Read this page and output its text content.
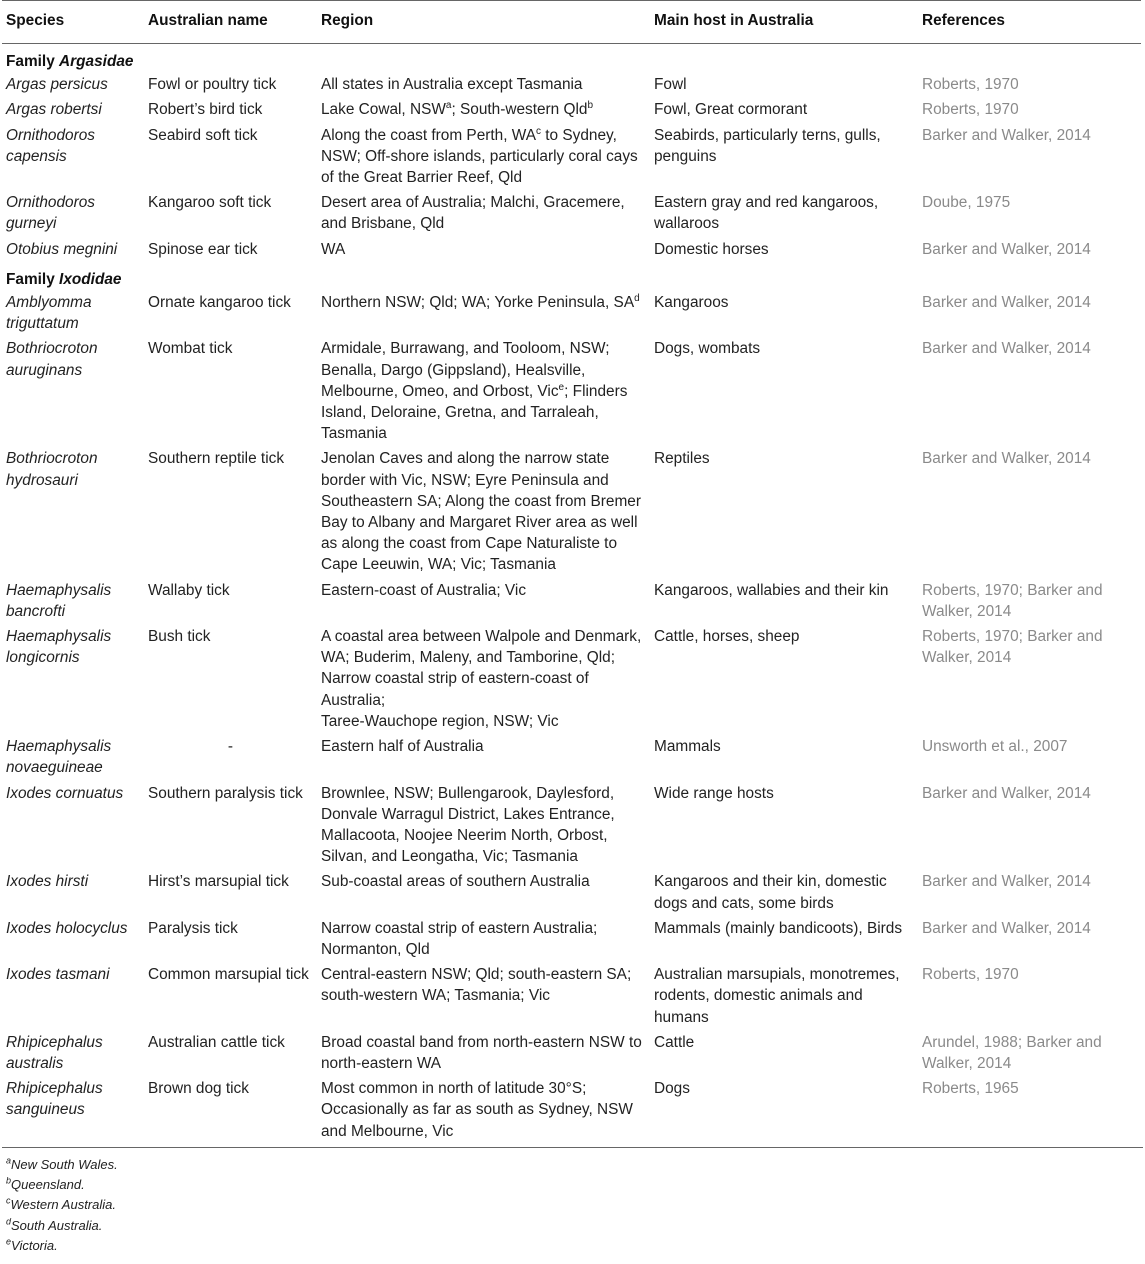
Species	Australian name	Region	Main host in Australia	References
Family Argasidae				
Argas persicus	Fowl or poultry tick	All states in Australia except Tasmania	Fowl	Roberts, 1970
Argas robertsi	Robert’s bird tick	Lake Cowal, NSW$^a$; South-western Qld$^b$	Fowl, Great cormorant	Roberts, 1970
Ornithodoros capensis	Seabird soft tick	Along the coast from Perth, $WA^c$ to Sydney, NSW; Off-shore islands, particularly coral cays of the Great Barrier Reef, Qld	Seabirds, particularly terns, gulls, penguins	Barker and Walker, 2014
Ornithodoros gurneyi	Kangaroo soft tick	Desert area of Australia; Malchi, Gracemere, and Brisbane, Qld	Eastern gray and red kangaroos, wallaroos	Doube, 1975
Otobius megnini	Spinose ear tick	WA	Domestic horses	Barker and Walker, 2014
Family Ixodidae				
Amblyomma triguttatum	Ornate kangaroo tick	Northern NSW; Qld; WA; Yorke Peninsula, $SA^d$	Kangaroos	Barker and Walker, 2014
Bothriocroton auruginans	Wombat tick	Armidale, Burrawang, and Tooloom, NSW; Benalla, Dargo (Gippsland), Healsville, Melbourne, Omeo, and Orbost, Vic$^e$; Flinders Island, Deloraine, Gretna, and Tarraleah, Tasmania	Dogs, wombats	Barker and Walker, 2014
Bothriocroton hydrosauri	Southern reptile tick	Jenolan Caves and along the narrow state border with Vic, NSW; Eyre Peninsula and Southeastern SA; Along the coast from Bremer Bay to Albany and Margaret River area as well as along the coast from Cape Naturaliste to Cape Leeuwin, WA; Vic; Tasmania	Reptiles	Barker and Walker, 2014
Haemaphysalis bancrofti	Wallaby tick	Eastern-coast of Australia; Vic	Kangaroos, wallabies and their kin	Roberts, 1970; Barker and Walker, 2014
Haemaphysalis longicornis	Bush tick	A coastal area between Walpole and Denmark, WA; Buderim, Maleny, and Tamborine, Qld; Narrow coastal strip of eastern-coast of Australia;
Taree-Wauchope region, NSW; Vic	Cattle, horses, sheep	Roberts, 1970; Barker and Walker, 2014
Haemaphysalis novaeguineae	-	Eastern half of Australia	Mammals	Unsworth et al., 2007
Ixodes cornuatus	Southern paralysis tick	Brownlee, NSW; Bullengarook, Daylesford, Donvale Warragul District, Lakes Entrance, Mallacoota, Noojee Neerim North, Orbost, Silvan, and Leongatha, Vic; Tasmania	Wide range hosts	Barker and Walker, 2014
Ixodes hirsti	Hirst’s marsupial tick	Sub-coastal areas of southern Australia	Kangaroos and their kin, domestic dogs and cats, some birds	Barker and Walker, 2014
Ixodes holocyclus	Paralysis tick	Narrow coastal strip of eastern Australia; Normanton, Qld	Mammals (mainly bandicoots), Birds	Barker and Walker, 2014
Ixodes tasmani	Common marsupial tick	Central-eastern NSW; Qld; south-eastern SA; south-western WA; Tasmania; Vic	Australian marsupials, monotremes, rodents, domestic animals and humans	Roberts, 1970
Rhipicephalus australis	Australian cattle tick	Broad coastal band from north-eastern NSW to north-eastern WA	Cattle	Arundel, 1988; Barker and Walker, 2014
Rhipicephalus sanguineus	Brown dog tick	Most common in north of latitude 30°S; Occasionally as far as south as Sydney, NSW and Melbourne, Vic	Dogs	Roberts, 1965
$^a$New South Wales.
$^b$Queensland.
$^c$Western Australia.
$^d$South Australia.
$^e$Victoria.
